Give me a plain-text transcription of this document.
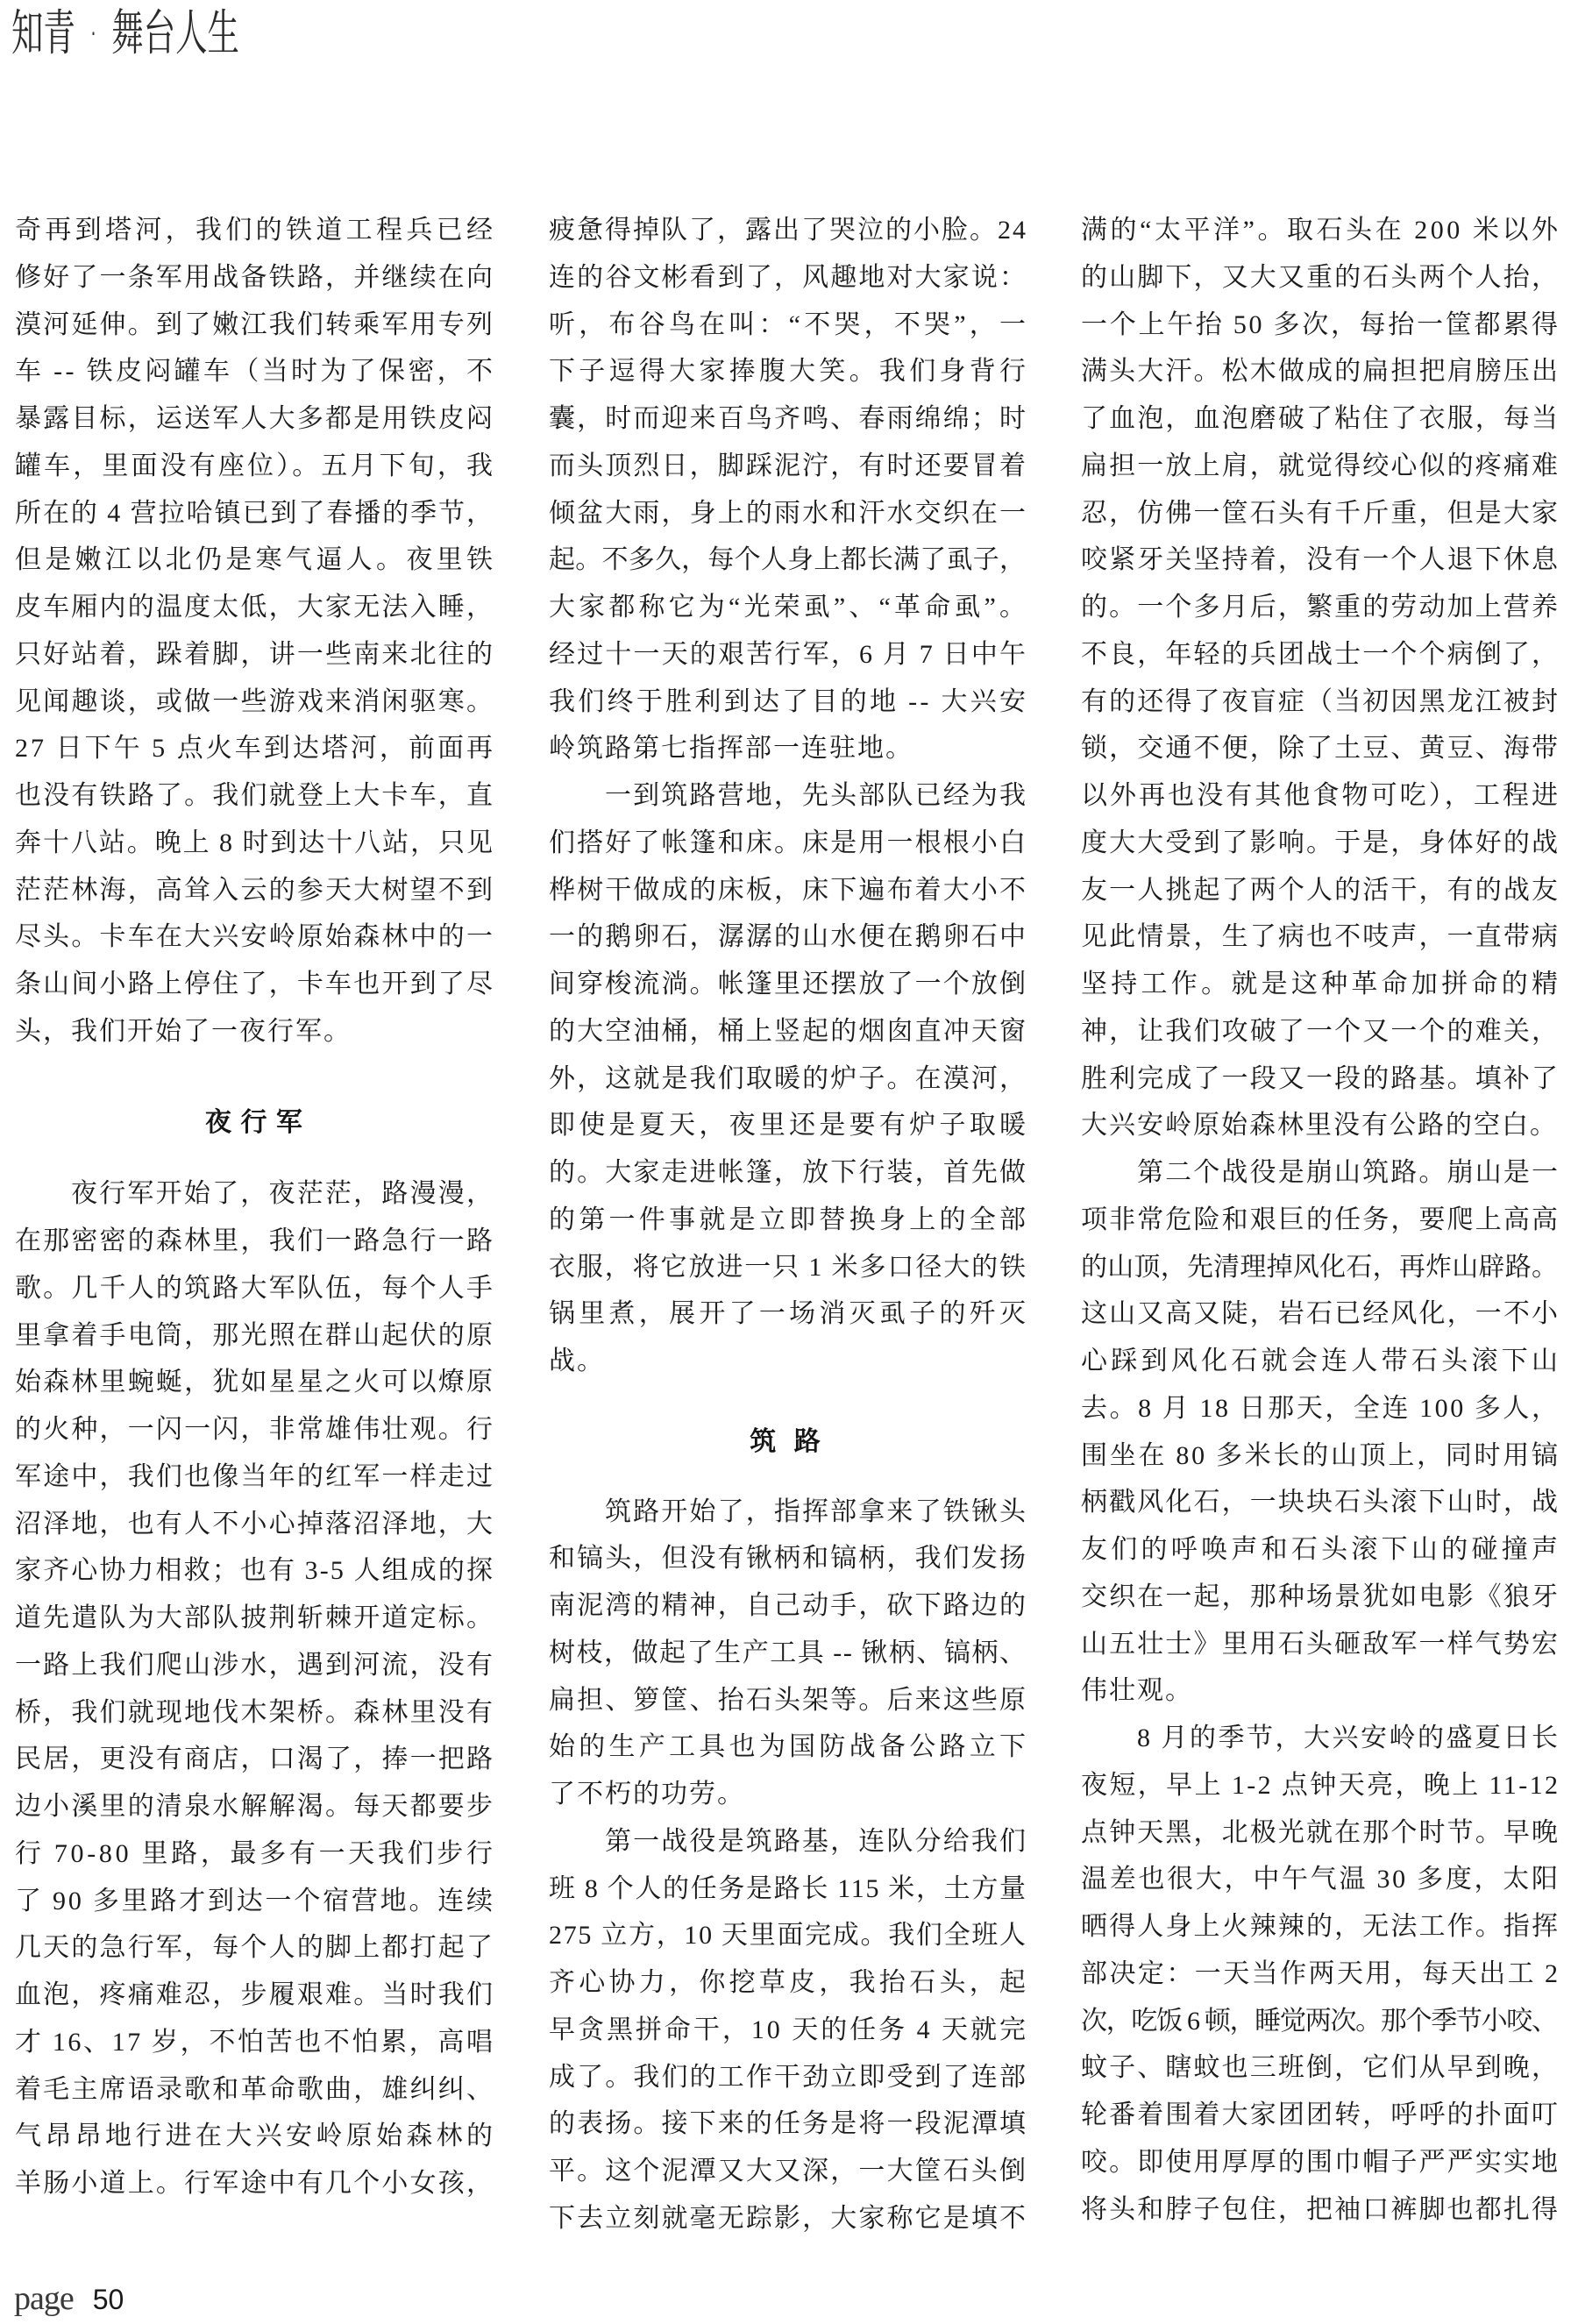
知青 · 舞台人生
奇再到塔河，我们的铁道工程兵已经
修好了一条军用战备铁路，并继续在向
漠河延伸。到了嫩江我们转乘军用专列
车 -- 铁皮闷罐车（当时为了保密，不
暴露目标，运送军人大多都是用铁皮闷
罐车，里面没有座位）。五月下旬，我
所在的 4 营拉哈镇已到了春播的季节，
但是嫩江以北仍是寒气逼人。夜里铁
皮车厢内的温度太低，大家无法入睡，
只好站着，跺着脚，讲一些南来北往的
见闻趣谈，或做一些游戏来消闲驱寒。
27 日下午 5 点火车到达塔河，前面再
也没有铁路了。我们就登上大卡车，直
奔十八站。晚上 8 时到达十八站，只见
茫茫林海，高耸入云的参天大树望不到
尽头。卡车在大兴安岭原始森林中的一
条山间小路上停住了，卡车也开到了尽
头，我们开始了一夜行军。
夜 行 军
夜行军开始了，夜茫茫，路漫漫，
在那密密的森林里，我们一路急行一路
歌。几千人的筑路大军队伍，每个人手
里拿着手电筒，那光照在群山起伏的原
始森林里蜿蜒，犹如星星之火可以燎原
的火种，一闪一闪，非常雄伟壮观。行
军途中，我们也像当年的红军一样走过
沼泽地，也有人不小心掉落沼泽地，大
家齐心协力相救；也有 3-5 人组成的探
道先遣队为大部队披荆斩棘开道定标。
一路上我们爬山涉水，遇到河流，没有
桥，我们就现地伐木架桥。森林里没有
民居，更没有商店，口渴了，捧一把路
边小溪里的清泉水解解渴。每天都要步
行 70-80 里路，最多有一天我们步行
了 90 多里路才到达一个宿营地。连续
几天的急行军，每个人的脚上都打起了
血泡，疼痛难忍，步履艰难。当时我们
才 16、17 岁，不怕苦也不怕累，高唱
着毛主席语录歌和革命歌曲，雄纠纠、
气昂昂地行进在大兴安岭原始森林的
羊肠小道上。行军途中有几个小女孩，
疲惫得掉队了，露出了哭泣的小脸。24
连的谷文彬看到了，风趣地对大家说：
听，布谷鸟在叫：“不哭，不哭”，一
下子逗得大家捧腹大笑。我们身背行
囊，时而迎来百鸟齐鸣、春雨绵绵；时
而头顶烈日，脚踩泥泞，有时还要冒着
倾盆大雨，身上的雨水和汗水交织在一
起。不多久，每个人身上都长满了虱子，
大家都称它为“光荣虱”、“革命虱”。
经过十一天的艰苦行军，6 月 7 日中午
我们终于胜利到达了目的地 -- 大兴安
岭筑路第七指挥部一连驻地。
一到筑路营地，先头部队已经为我
们搭好了帐篷和床。床是用一根根小白
桦树干做成的床板，床下遍布着大小不
一的鹅卵石，潺潺的山水便在鹅卵石中
间穿梭流淌。帐篷里还摆放了一个放倒
的大空油桶，桶上竖起的烟囱直冲天窗
外，这就是我们取暖的炉子。在漠河，
即使是夏天，夜里还是要有炉子取暖
的。大家走进帐篷，放下行装，首先做
的第一件事就是立即替换身上的全部
衣服，将它放进一只 1 米多口径大的铁
锅里煮，展开了一场消灭虱子的歼灭
战。
筑 路
筑路开始了，指挥部拿来了铁锹头
和镐头，但没有锹柄和镐柄，我们发扬
南泥湾的精神，自己动手，砍下路边的
树枝，做起了生产工具 -- 锹柄、镐柄、
扁担、箩筐、抬石头架等。后来这些原
始的生产工具也为国防战备公路立下
了不朽的功劳。
第一战役是筑路基，连队分给我们
班 8 个人的任务是路长 115 米，土方量
275 立方，10 天里面完成。我们全班人
齐心协力，你挖草皮，我抬石头，起
早贪黑拼命干，10 天的任务 4 天就完
成了。我们的工作干劲立即受到了连部
的表扬。接下来的任务是将一段泥潭填
平。这个泥潭又大又深，一大筐石头倒
下去立刻就毫无踪影，大家称它是填不
满的“太平洋”。取石头在 200 米以外
的山脚下，又大又重的石头两个人抬，
一个上午抬 50 多次，每抬一筐都累得
满头大汗。松木做成的扁担把肩膀压出
了血泡，血泡磨破了粘住了衣服，每当
扁担一放上肩，就觉得绞心似的疼痛难
忍，仿佛一筐石头有千斤重，但是大家
咬紧牙关坚持着，没有一个人退下休息
的。一个多月后，繁重的劳动加上营养
不良，年轻的兵团战士一个个病倒了，
有的还得了夜盲症（当初因黑龙江被封
锁，交通不便，除了土豆、黄豆、海带
以外再也没有其他食物可吃），工程进
度大大受到了影响。于是，身体好的战
友一人挑起了两个人的活干，有的战友
见此情景，生了病也不吱声，一直带病
坚持工作。就是这种革命加拼命的精
神，让我们攻破了一个又一个的难关，
胜利完成了一段又一段的路基。填补了
大兴安岭原始森林里没有公路的空白。
第二个战役是崩山筑路。崩山是一
项非常危险和艰巨的任务，要爬上高高
的山顶，先清理掉风化石，再炸山辟路。
这山又高又陡，岩石已经风化，一不小
心踩到风化石就会连人带石头滚下山
去。8 月 18 日那天，全连 100 多人，
围坐在 80 多米长的山顶上，同时用镐
柄戳风化石，一块块石头滚下山时，战
友们的呼唤声和石头滚下山的碰撞声
交织在一起，那种场景犹如电影《狼牙
山五壮士》里用石头砸敌军一样气势宏
伟壮观。
8 月的季节，大兴安岭的盛夏日长
夜短，早上 1-2 点钟天亮，晚上 11-12
点钟天黑，北极光就在那个时节。早晚
温差也很大，中午气温 30 多度，太阳
晒得人身上火辣辣的，无法工作。指挥
部决定：一天当作两天用，每天出工 2
次，吃饭 6 顿，睡觉两次。那个季节小咬、
蚊子、瞎蚊也三班倒，它们从早到晚，
轮番着围着大家团团转，呼呼的扑面叮
咬。即使用厚厚的围巾帽子严严实实地
将头和脖子包住，把袖口裤脚也都扎得
page 50
